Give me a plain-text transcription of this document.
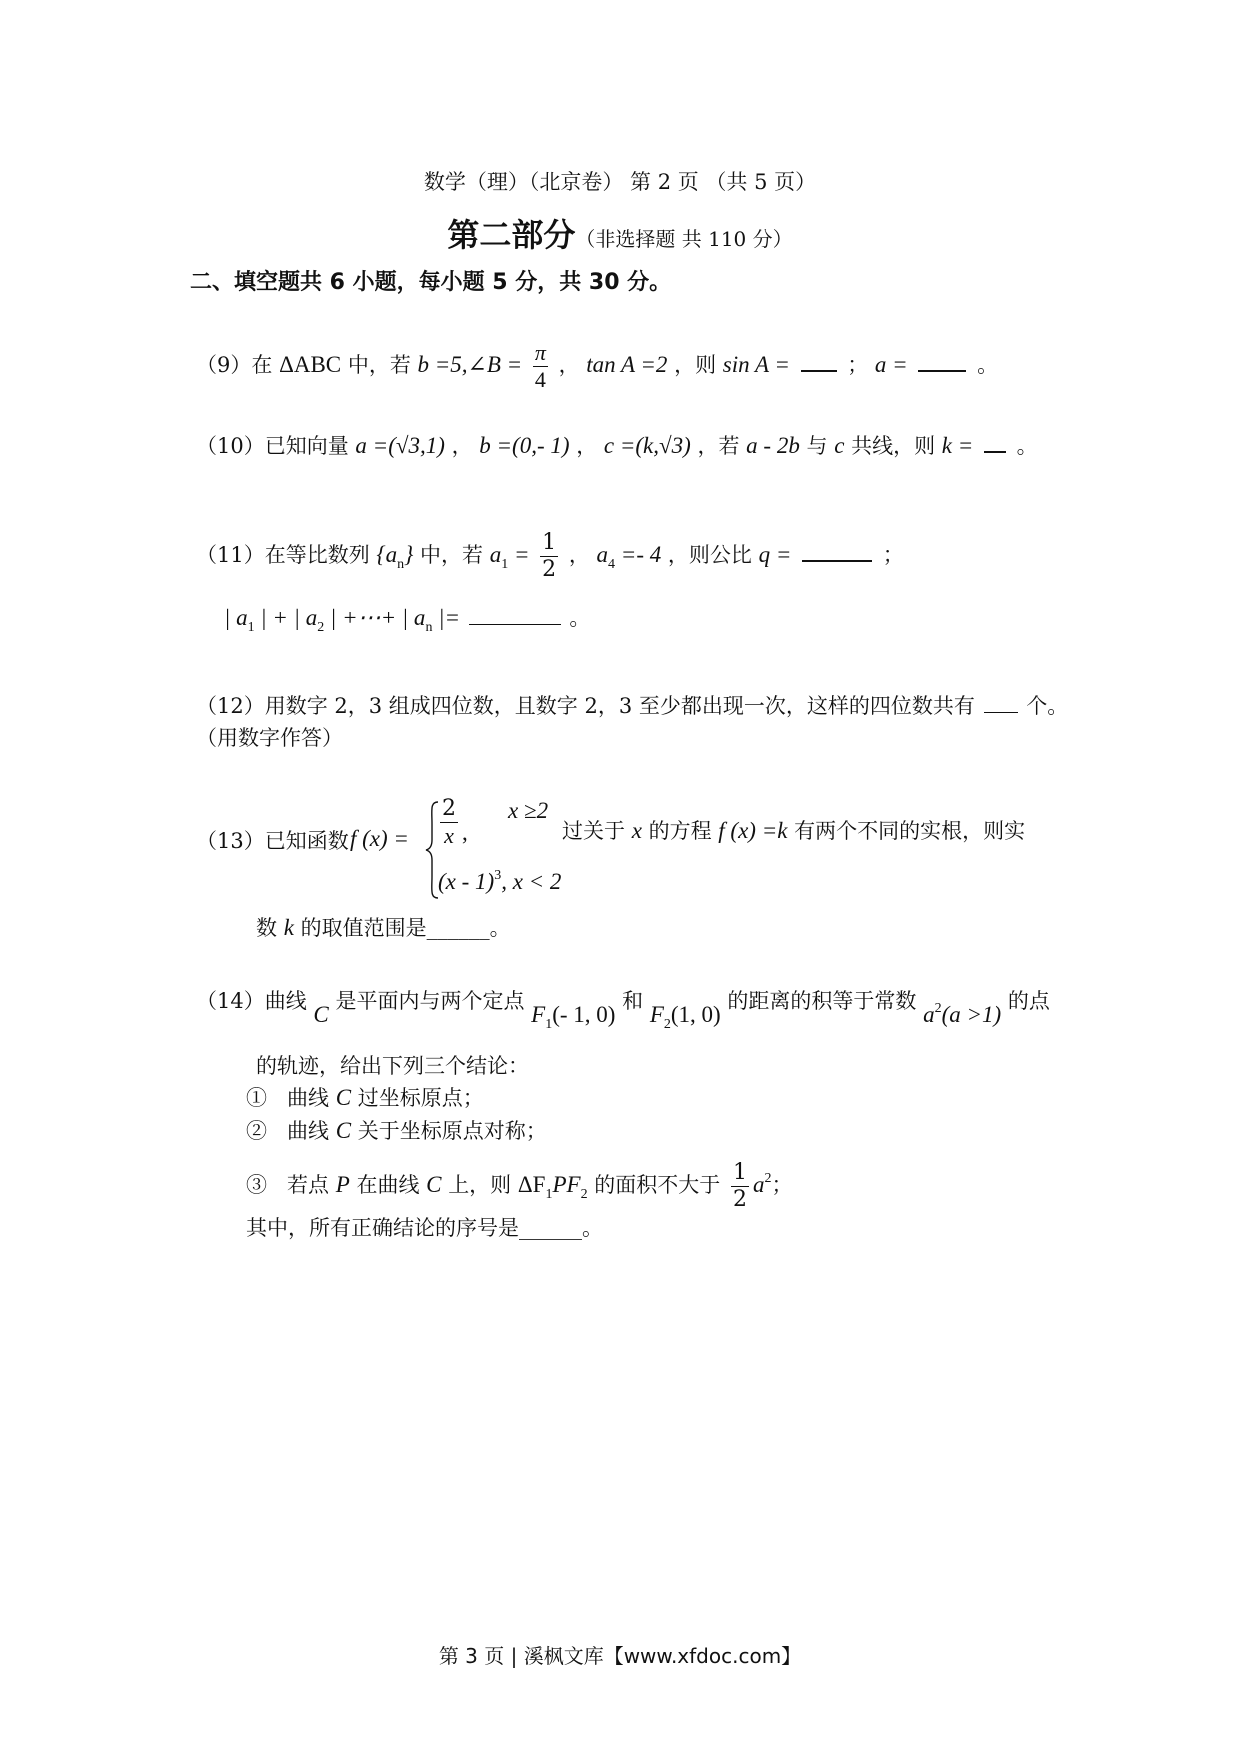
数学（理）（北京卷） 第 2 页 （共 5 页）
第二部分（非选择题 共 110 分）
二、填空题共 6 小题，每小题 5 分，共 30 分。
（9）在 ΔABC 中，若 b =5,∠B = $\frac{\pi}{4}$ ， tan A =2 ，则 sin A =	； a =	。
（10）已知向量 a =(√3,1) ， b =(0,- 1) ， c =(k,√3) ，若 a - 2b 与 c 共线，则 k = 。
（11）在等比数列 $\{a_n\}$ 中，若 $a_1 = \frac{1}{2}$ ， $a_4 =- 4$ ，则公比 q =	；
| $a_1$ | + | $a_2$ | +⋯+ | $a_n$ |=	。
（12）用数字 2，3 组成四位数，且数字 2，3 至少都出现一次，这样的四位数共有 个。
（用数字作答）
（13）已知函数 f (x) =
2
x ,
x ≥2
(x - 1)$^3$, x < 2
过关于 x 的方程 f (x) =k 有两个不同的实根，则实
数 k 的取值范围是______。
（14）曲线 C 是平面内与两个定点 $F_1(-$ 1, 0) 和 $F_2(1$, 0) 的距离的积等于常数 $a^2(a >1)$ 的点
的轨迹，给出下列三个结论：
① 曲线 C 过坐标原点；
② 曲线 C 关于坐标原点对称；
③ 若点 P 在曲线 C 上，则 $\Delta F_1PF_2$ 的面积不大于 $\frac{1}{2} a^2$；
其中，所有正确结论的序号是______。
第 3 页 | 溪枫文库【www.xfdoc.com】
